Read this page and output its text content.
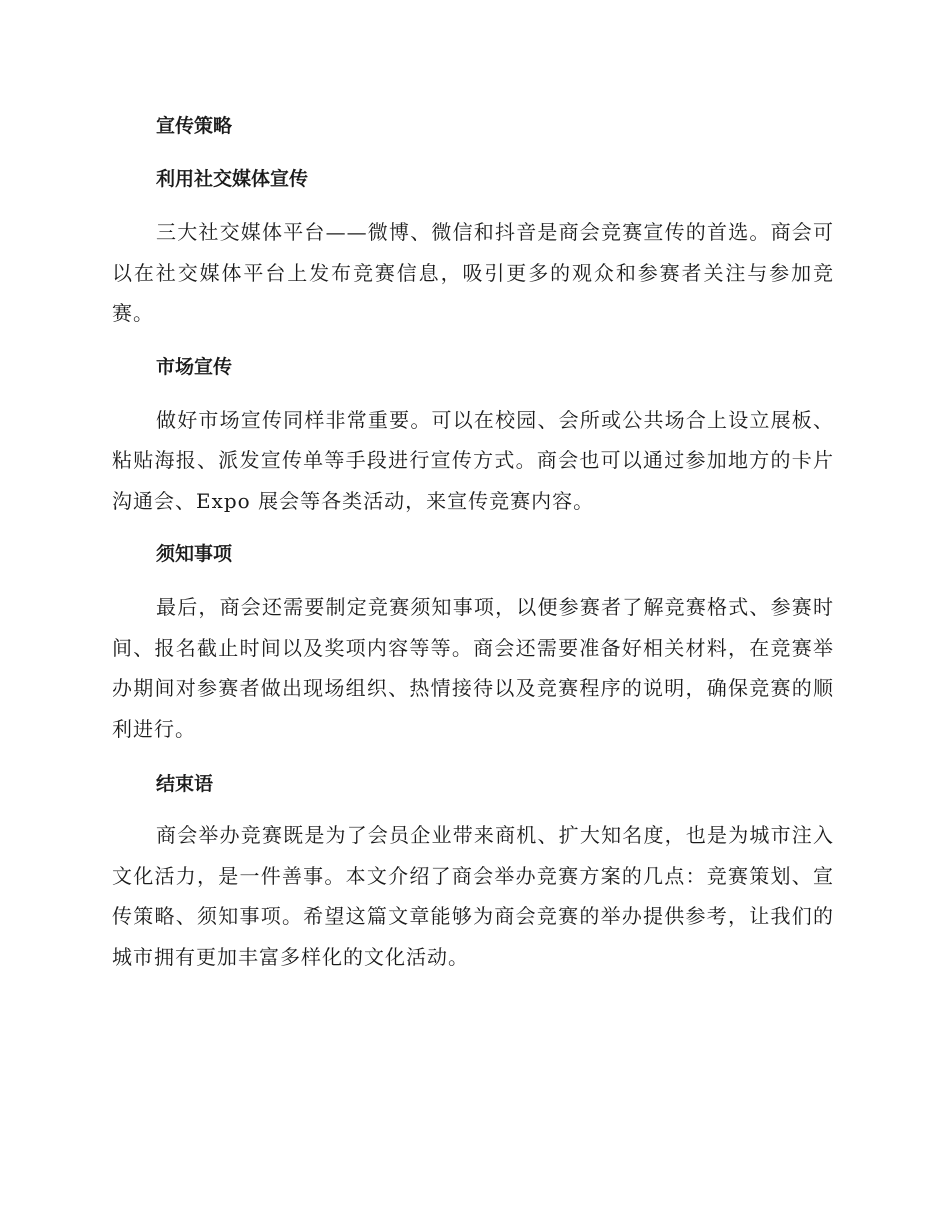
宣传策略
利用社交媒体宣传

三大社交媒体平台——微博、微信和抖音是商会竞赛宣传的首选。商会可以在社交媒体平台上发布竞赛信息，吸引更多的观众和参赛者关注与参加竞赛。

市场宣传

做好市场宣传同样非常重要。可以在校园、会所或公共场合上设立展板、粘贴海报、派发宣传单等手段进行宣传方式。商会也可以通过参加地方的卡片沟通会、Expo 展会等各类活动，来宣传竞赛内容。

须知事项

最后，商会还需要制定竞赛须知事项，以便参赛者了解竞赛格式、参赛时间、报名截止时间以及奖项内容等等。商会还需要准备好相关材料，在竞赛举办期间对参赛者做出现场组织、热情接待以及竞赛程序的说明，确保竞赛的顺利进行。

结束语

商会举办竞赛既是为了会员企业带来商机、扩大知名度，也是为城市注入文化活力，是一件善事。本文介绍了商会举办竞赛方案的几点：竞赛策划、宣传策略、须知事项。希望这篇文章能够为商会竞赛的举办提供参考，让我们的城市拥有更加丰富多样化的文化活动。
